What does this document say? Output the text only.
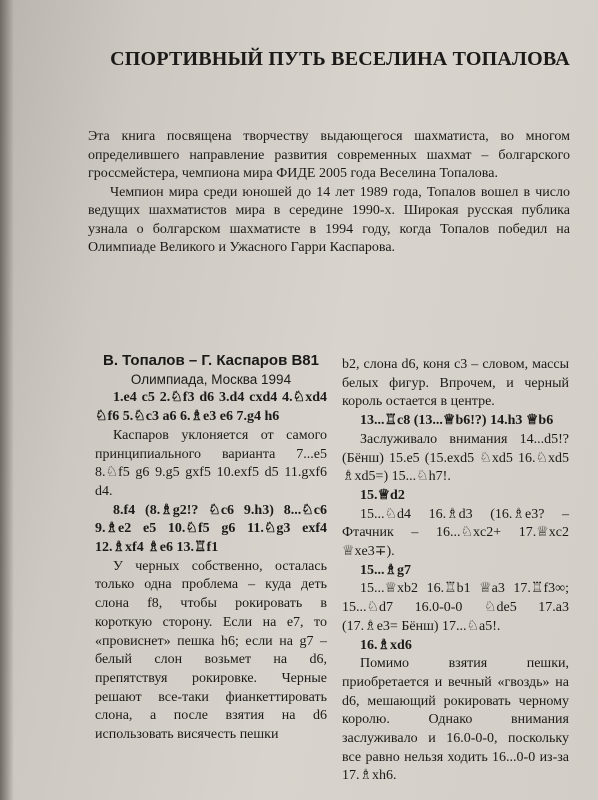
СПОРТИВНЫЙ ПУТЬ ВЕСЕЛИНА ТОПАЛОВА

Эта книга посвящена творчеству выдающегося шахматиста, во многом определившего направление развития современных шахмат – болгарского гроссмейстера, чемпиона мира ФИДЕ 2005 года Веселина Топалова.

Чемпион мира среди юношей до 14 лет 1989 года, Топалов вошел в число ведущих шахматистов мира в середине 1990-х. Широкая русская публика узнала о болгарском шахматисте в 1994 году, когда Топалов победил на Олимпиаде Великого и Ужасного Гарри Каспарова.

В. Топалов – Г. Каспаров B81

Олимпиада, Москва 1994

1.e4 c5 2.♘f3 d6 3.d4 cxd4 4.♘xd4 ♘f6 5.♘c3 a6 6.♗e3 e6 7.g4 h6

Каспаров уклоняется от самого принципиального варианта 7...e5 8.♘f5 g6 9.g5 gxf5 10.exf5 d5 11.gxf6 d4.

8.f4 (8.♗g2!? ♘c6 9.h3) 8...♘c6 9.♗e2 e5 10.♘f5 g6 11.♘g3 exf4 12.♗xf4 ♗e6 13.♖f1

У черных собственно, осталась только одна проблема – куда деть слона f8, чтобы рокировать в короткую сторону. Если на e7, то «провиснет» пешка h6; если на g7 – белый слон возьмет на d6, препятствуя рокировке. Черные решают все-таки фианкеттировать слона, а после взятия на d6 использовать висячесть пешки

b2, слона d6, коня c3 – словом, массы белых фигур. Впрочем, и черный король остается в центре.

13...♖c8 (13...♕b6!?) 14.h3 ♕b6

Заслуживало внимания 14...d5!? (Бёнш) 15.e5 (15.exd5 ♘xd5 16.♘xd5 ♗xd5=) 15...♘h7!.

15.♕d2

15...♘d4 16.♗d3 (16.♗e3? – Фтачник – 16...♘xc2+ 17.♕xc2 ♕xe3∓).

15...♗g7

15...♕xb2 16.♖b1 ♕a3 17.♖f3∞; 15...♘d7 16.0-0-0 ♘de5 17.a3 (17.♗e3= Бёнш) 17...♘a5!.

16.♗xd6

Помимо взятия пешки, приобретается и вечный «гвоздь» на d6, мешающий рокировать черному королю. Однако внимания заслуживало и 16.0-0-0, поскольку все равно нельзя ходить 16...0-0 из-за 17.♗xh6.
